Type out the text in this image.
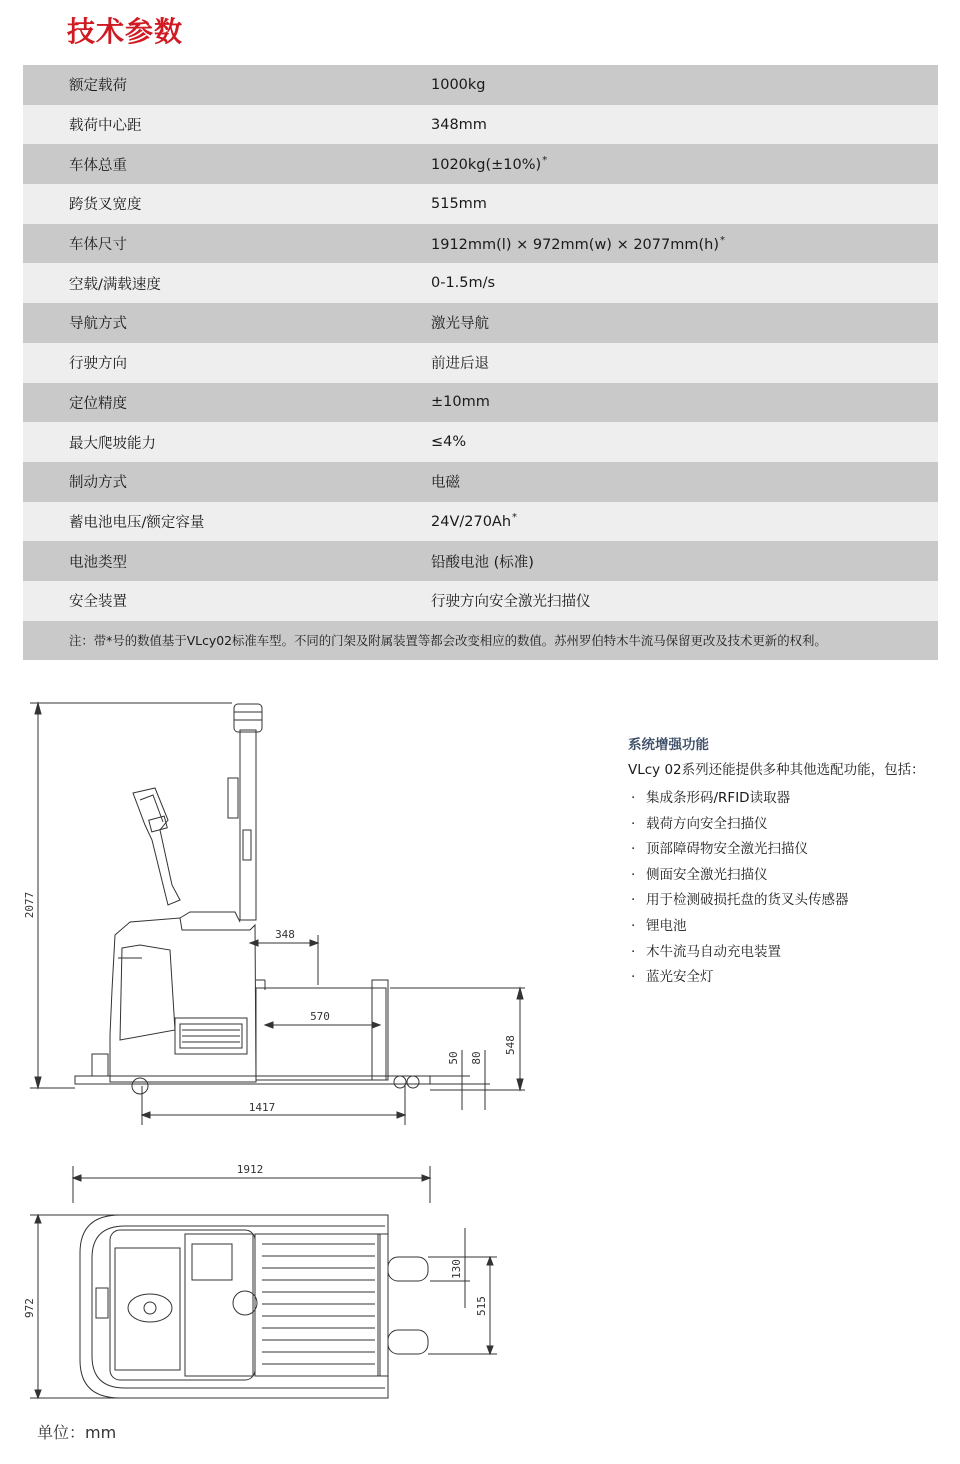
技术参数
额定载荷	1000kg
载荷中心距	348mm
车体总重	1020kg(±10%)*
跨货叉宽度	515mm
车体尺寸	1912mm(l) × 972mm(w) × 2077mm(h)*
空载/满载速度	0-1.5m/s
导航方式	激光导航
行驶方向	前进后退
定位精度	±10mm
最大爬坡能力	≤4%
制动方式	电磁
蓄电池电压/额定容量	24V/270Ah*
电池类型	铅酸电池 (标准)
安全装置	行驶方向安全激光扫描仪
注：带*号的数值基于VLcy02标准车型。不同的门架及附属装置等都会改变相应的数值。苏州罗伯特木牛流马保留更改及技术更新的权利。
2077
348
570
548
50 80
1417
1912
972
130
515
系统增强功能
VLcy 02系列还能提供多种其他选配功能，包括：
· 集成条形码/RFID读取器
· 载荷方向安全扫描仪
· 顶部障碍物安全激光扫描仪
· 侧面安全激光扫描仪
· 用于检测破损托盘的货叉头传感器
· 锂电池
· 木牛流马自动充电装置
· 蓝光安全灯
单位：mm
